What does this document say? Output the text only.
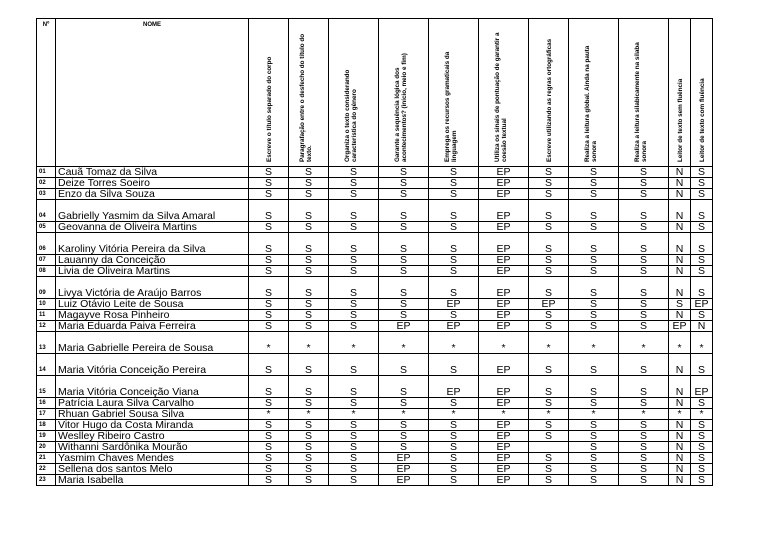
Nº	NOME	Escreve o título separado do corpo	Paragrafação entre o desfecho do título do texto.	Organiza o texto considerando característica do gênero	Garante a sequência lógica dos acontecimentos? (início, meio e fim)	Emprega os recursos gramaticais da linguagem	Utiliza os sinais de pontuação de garantir a coesão textual	Escreve utilizando as regras ortográficas	Realiza a leitura global. Ainda na pauta sonora	Realiza a leitura silabicamente na sílaba sonora	Leitor de texto sem fluência	Leitor de texto com fluência

01	Cauã Tomaz da Silva	S	S	S	S	S	EP	S	S	S	N	S
02	Deize Torres Soeiro	S	S	S	S	S	EP	S	S	S	N	S
03	Enzo da Silva Souza	S	S	S	S	S	EP	S	S	S	N	S
04	Gabrielly Yasmim da Silva Amaral	S	S	S	S	S	EP	S	S	S	N	S
05	Geovanna de Oliveira Martins	S	S	S	S	S	EP	S	S	S	N	S
06	Karoliny Vitória Pereira da Silva	S	S	S	S	S	EP	S	S	S	N	S
07	Lauanny da Conceição	S	S	S	S	S	EP	S	S	S	N	S
08	Livia de Oliveira Martins	S	S	S	S	S	EP	S	S	S	N	S
09	Livya Victória de Araújo Barros	S	S	S	S	S	EP	S	S	S	N	S
10	Luiz Otávio Leite de Sousa	S	S	S	S	EP	EP	EP	S	S	S	EP
11	Magayve Rosa Pinheiro	S	S	S	S	S	EP	S	S	S	N	S
12	Maria Eduarda Paiva Ferreira	S	S	S	EP	EP	EP	S	S	S	EP	N
13	Maria Gabrielle Pereira de Sousa	*	*	*	*	*	*	*	*	*	*	*
14	Maria Vitória Conceição Pereira	S	S	S	S	S	EP	S	S	S	N	S
15	Maria Vitória Conceição Viana	S	S	S	S	EP	EP	S	S	S	N	EP
16	Patrícia Laura Silva Carvalho	S	S	S	S	S	EP	S	S	S	N	S
17	Rhuan Gabriel Sousa Silva	*	*	*	*	*	*	*	*	*	*	*
18	Vitor Hugo da Costa Miranda	S	S	S	S	S	EP	S	S	S	N	S
19	Weslley Ribeiro Castro	S	S	S	S	S	EP	S	S	S	N	S
20	Withanni Sardônika Mourão	S	S	S	S	S	EP		S	S	N	S
21	Yasmim Chaves Mendes	S	S	S	EP	S	EP	S	S	S	N	S
22	Sellena dos santos Melo	S	S	S	EP	S	EP	S	S	S	N	S
23	Maria Isabella	S	S	S	EP	S	EP	S	S	S	N	S
